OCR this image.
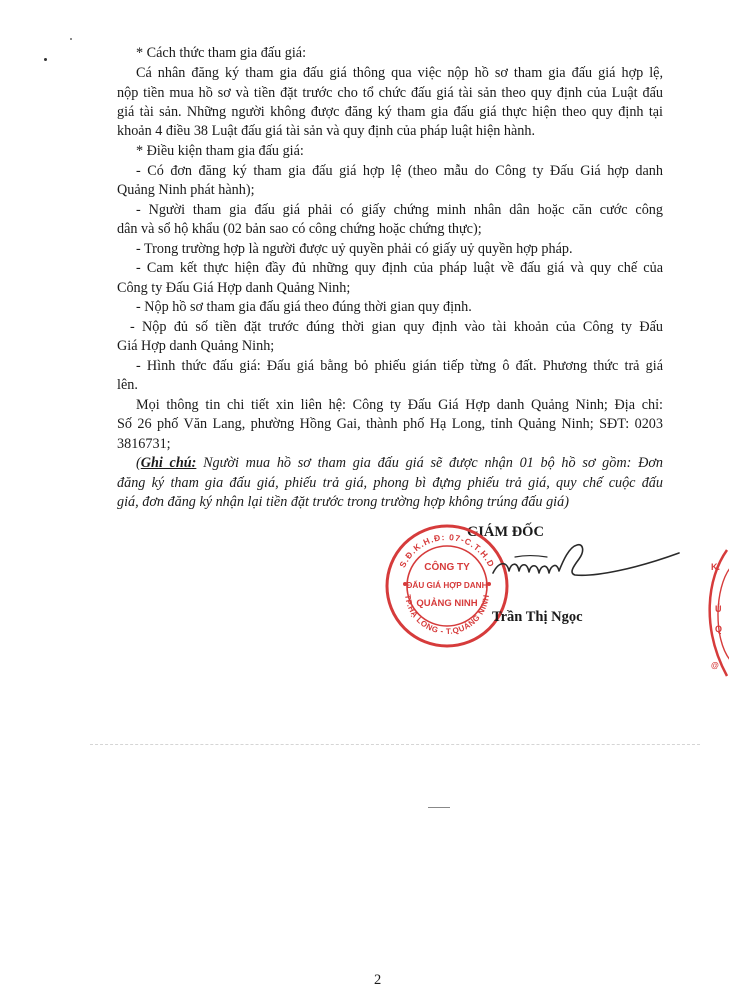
* Cách thức tham gia đấu giá:
Cá nhân đăng ký tham gia đấu giá thông qua việc nộp hồ sơ tham gia đấu giá hợp lệ,
nộp tiền mua hồ sơ và tiền đặt trước cho tổ chức đấu giá tài sản theo quy định của Luật đấu
giá tài sản. Những người không được đăng ký tham gia đấu giá thực hiện theo quy định tại
khoản 4 điều 38 Luật đấu giá tài sản và quy định của pháp luật hiện hành.
* Điều kiện tham gia đấu giá:
- Có đơn đăng ký tham gia đấu giá hợp lệ (theo mẫu do Công ty Đấu Giá hợp danh
Quảng Ninh phát hành);
- Người tham gia đấu giá phải có giấy chứng minh nhân dân hoặc căn cước công
dân và sổ hộ khẩu (02 bản sao có công chứng hoặc chứng thực);
- Trong trường hợp là người được uỷ quyền phải có giấy uỷ quyền hợp pháp.
- Cam kết thực hiện đầy đủ những quy định của pháp luật về đấu giá và quy chế của
Công ty Đấu Giá Hợp danh Quảng Ninh;
- Nộp hồ sơ tham gia đấu giá theo đúng thời gian quy định.
- Nộp đủ số tiền đặt trước đúng thời gian quy định vào tài khoản của Công ty Đấu
Giá Hợp danh Quảng Ninh;
- Hình thức đấu giá: Đấu giá bằng bỏ phiếu gián tiếp từng ô đất. Phương thức trả giá
lên.
Mọi thông tin chi tiết xin liên hệ: Công ty Đấu Giá Hợp danh Quảng Ninh; Địa chỉ:
Số 26 phố Văn Lang, phường Hồng Gai, thành phố Hạ Long, tỉnh Quảng Ninh; SĐT: 0203
3816731;
(Ghi chú: Người mua hồ sơ tham gia đấu giá sẽ được nhận 01 bộ hồ sơ gồm: Đơn
đăng ký tham gia đấu giá, phiếu trả giá, phong bì đựng phiếu trả giá, quy chế cuộc đấu
giá, đơn đăng ký nhận lại tiền đặt trước trong trường hợp không trúng đấu giá)
GIÁM ĐỐC
S.Đ.K.H.Đ: 07-C.T.H.D
TP.HẠ LONG - T.QUẢNG NINH
CÔNG TY
ĐẤU GIÁ HỢP DANH
QUẢNG NINH
Trần Thị Ngọc
K.
Ú
Q
@
2
